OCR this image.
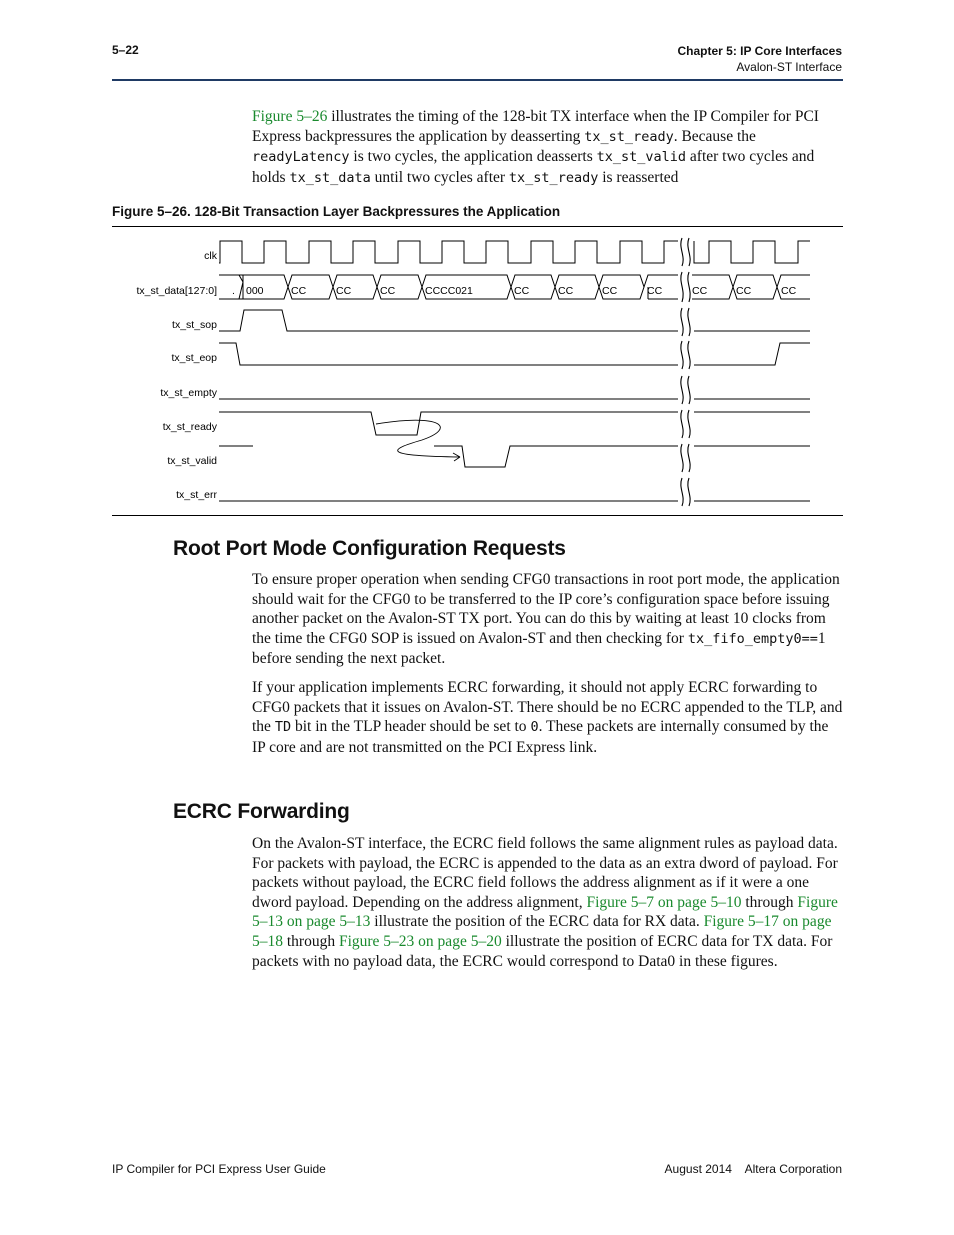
5–22	Chapter 5: IP Core Interfaces
Avalon-ST Interface

Figure 5–26 illustrates the timing of the 128-bit TX interface when the IP Compiler for PCI Express backpressures the application by deasserting tx_st_ready. Because the readyLatency is two cycles, the application deasserts tx_st_valid after two cycles and holds tx_st_data until two cycles after tx_st_ready is reasserted

Figure 5–26. 128-Bit Transaction Layer Backpressures the Application
clk
tx_st_data[127:0]
tx_st_sop
tx_st_eop
tx_st_empty
tx_st_ready
tx_st_valid
tx_st_err
. 000	CC	CC	CC	CCCC021	CC	CC	CC	CC	CC	CC	CC
Root Port Mode Configuration Requests

To ensure proper operation when sending CFG0 transactions in root port mode, the application should wait for the CFG0 to be transferred to the IP core’s configuration space before issuing another packet on the Avalon-ST TX port. You can do this by waiting at least 10 clocks from the time the CFG0 SOP is issued on Avalon-ST and then checking for tx_fifo_empty0==1 before sending the next packet.

If your application implements ECRC forwarding, it should not apply ECRC forwarding to CFG0 packets that it issues on Avalon-ST. There should be no ECRC appended to the TLP, and the TD bit in the TLP header should be set to 0. These packets are internally consumed by the IP core and are not transmitted on the PCI Express link.

ECRC Forwarding

On the Avalon-ST interface, the ECRC field follows the same alignment rules as payload data. For packets with payload, the ECRC is appended to the data as an extra dword of payload. For packets without payload, the ECRC field follows the address alignment as if it were a one dword payload. Depending on the address alignment, Figure 5–7 on page 5–10 through Figure 5–13 on page 5–13 illustrate the position of the ECRC data for RX data. Figure 5–17 on page 5–18 through Figure 5–23 on page 5–20 illustrate the position of ECRC data for TX data. For packets with no payload data, the ECRC would correspond to Data0 in these figures.

IP Compiler for PCI Express User Guide	August 2014    Altera Corporation
